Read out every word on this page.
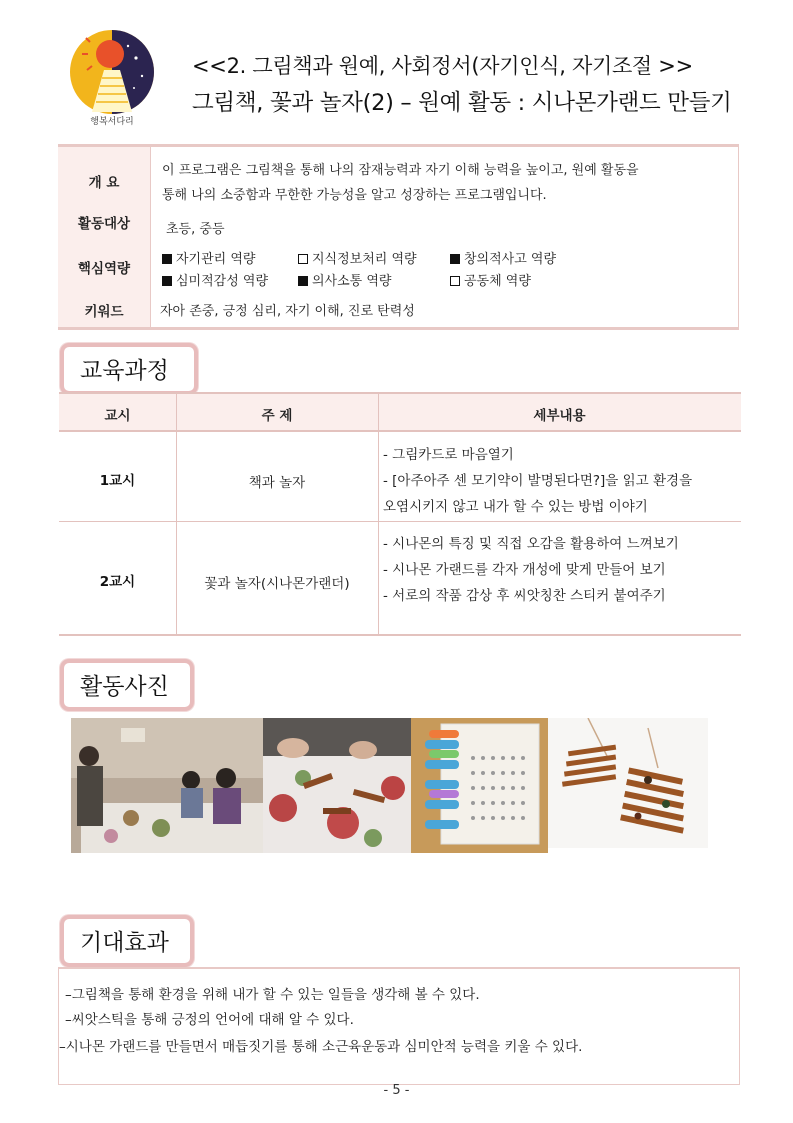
행복서다리
<<2. 그림책과 원예, 사회정서(자기인식, 자기조절 >>
그림책, 꽃과 놀자(2) – 원예 활동 : 시나몬가랜드 만들기
개 요
이 프로그램은 그림책을 통해 나의 잠재능력과 자기 이해 능력을 높이고, 원예 활동을
통해 나의 소중함과 무한한 가능성을 알고 성장하는 프로그램입니다.
활동대상	초등, 중등
핵심역량
자기관리 역량	지식정보처리 역량	창의적사고 역량
심미적감성 역량	의사소통 역량	공동체 역량
키워드	자아 존중, 긍정 심리, 자기 이해, 진로 탄력성
교육과정
교시	주 제	세부내용
1교시	책과 놀자
- 그림카드로 마음열기
- [아주아주 센 모기약이 발명된다면?]을 읽고 환경을
오염시키지 않고 내가 할 수 있는 방법 이야기
2교시	꽃과 놀자(시나몬가랜더)
- 시나몬의 특징 및 직접 오감을 활용하여 느껴보기
- 시나몬 가랜드를 각자 개성에 맞게 만들어 보기
- 서로의 작품 감상 후 씨앗칭찬 스티커 붙여주기
활동사진
기대효과
–그림책을 통해 환경을 위해 내가 할 수 있는 일들을 생각해 볼 수 있다.
–씨앗스틱을 통해 긍정의 언어에 대해 알 수 있다.
–시나몬 가랜드를 만들면서 매듭짓기를 통해 소근육운동과 심미안적 능력을 키울 수 있다.
- 5 -
